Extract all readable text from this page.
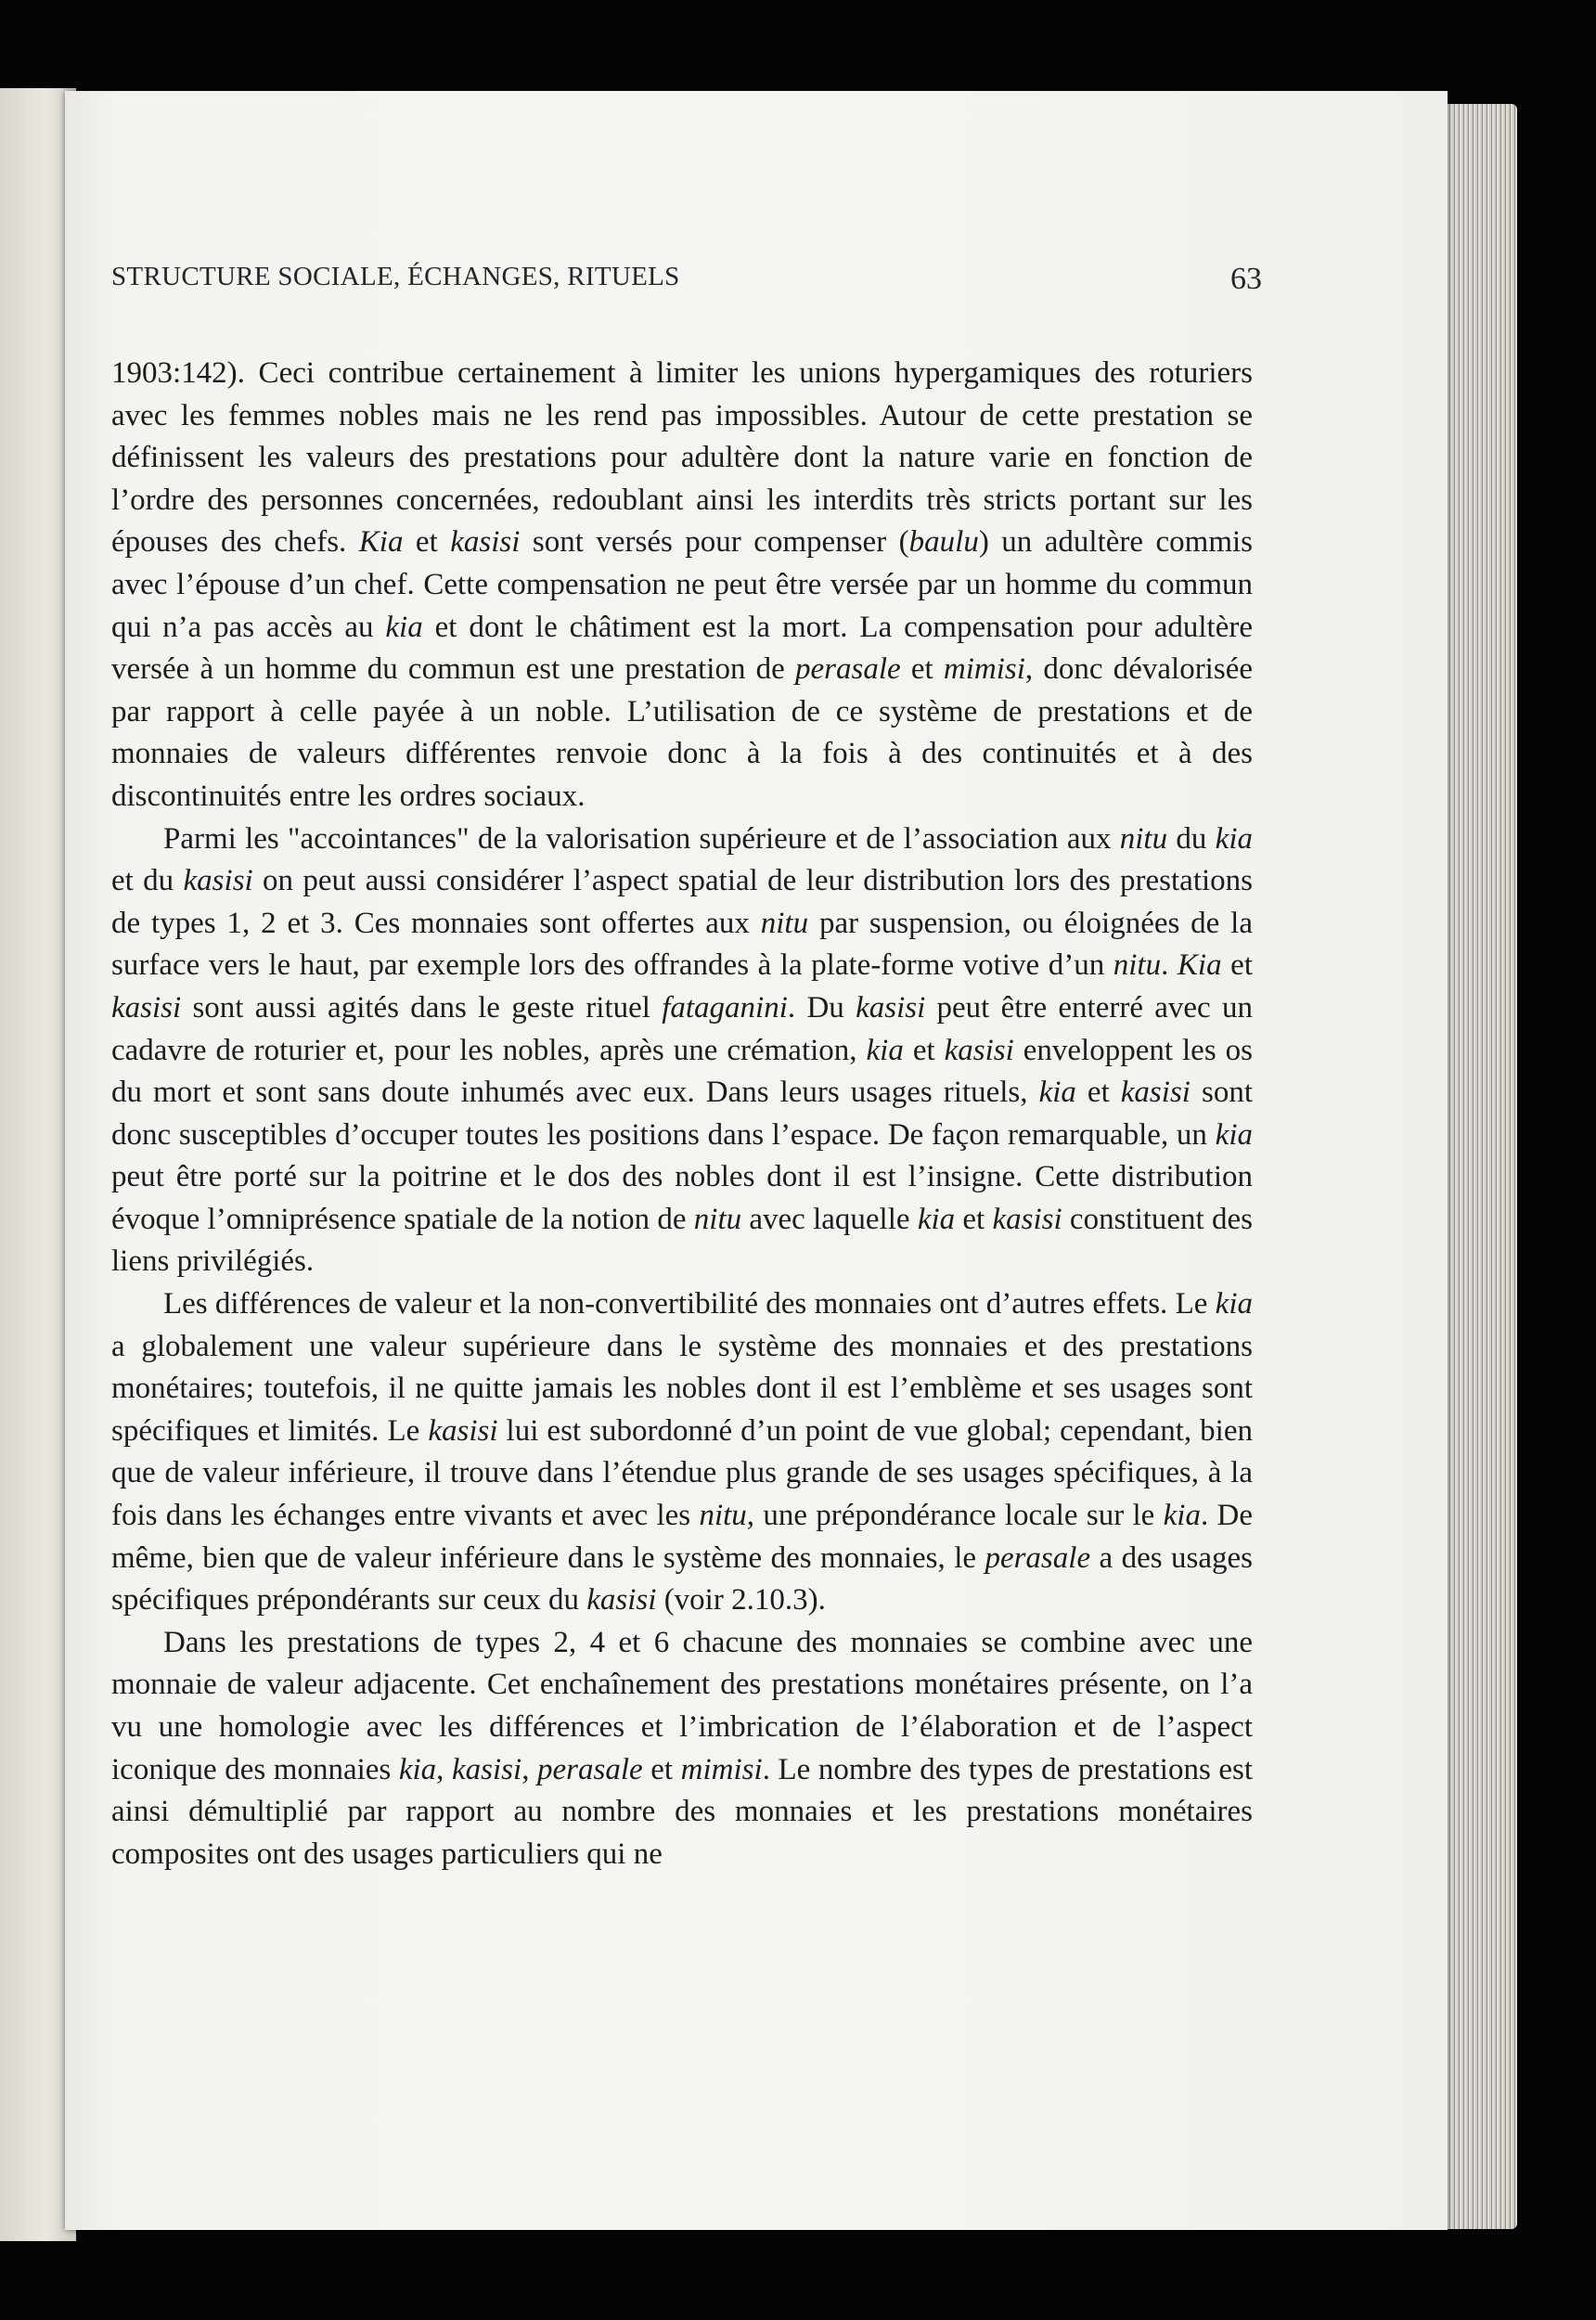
STRUCTURE SOCIALE, ÉCHANGES, RITUELS	63

1903:142). Ceci contribue certainement à limiter les unions hypergamiques des roturiers avec les femmes nobles mais ne les rend pas impossibles. Autour de cette prestation se définissent les valeurs des prestations pour adultère dont la nature varie en fonction de l’ordre des personnes concernées, redoublant ainsi les interdits très stricts portant sur les épouses des chefs. Kia et kasisi sont versés pour compenser (baulu) un adultère commis avec l’épouse d’un chef. Cette compensation ne peut être versée par un homme du commun qui n’a pas accès au kia et dont le châtiment est la mort. La compensation pour adultère versée à un homme du commun est une prestation de perasale et mimisi, donc dévalorisée par rapport à celle payée à un noble. L’utilisation de ce système de prestations et de monnaies de valeurs différentes renvoie donc à la fois à des continuités et à des discontinuités entre les ordres sociaux.

Parmi les "accointances" de la valorisation supérieure et de l’association aux nitu du kia et du kasisi on peut aussi considérer l’aspect spatial de leur distribution lors des prestations de types 1, 2 et 3. Ces monnaies sont offertes aux nitu par suspension, ou éloignées de la surface vers le haut, par exemple lors des offrandes à la plate-forme votive d’un nitu. Kia et kasisi sont aussi agités dans le geste rituel fataganini. Du kasisi peut être enterré avec un cadavre de roturier et, pour les nobles, après une crémation, kia et kasisi enveloppent les os du mort et sont sans doute inhumés avec eux. Dans leurs usages rituels, kia et kasisi sont donc susceptibles d’occuper toutes les positions dans l’espace. De façon remarquable, un kia peut être porté sur la poitrine et le dos des nobles dont il est l’insigne. Cette distribution évoque l’omniprésence spatiale de la notion de nitu avec laquelle kia et kasisi constituent des liens privilégiés.

Les différences de valeur et la non-convertibilité des monnaies ont d’autres effets. Le kia a globalement une valeur supérieure dans le système des monnaies et des prestations monétaires; toutefois, il ne quitte jamais les nobles dont il est l’emblème et ses usages sont spécifiques et limités. Le kasisi lui est subordonné d’un point de vue global; cependant, bien que de valeur inférieure, il trouve dans l’étendue plus grande de ses usages spécifiques, à la fois dans les échanges entre vivants et avec les nitu, une prépondérance locale sur le kia. De même, bien que de valeur inférieure dans le système des monnaies, le perasale a des usages spécifiques prépondérants sur ceux du kasisi (voir 2.10.3).

Dans les prestations de types 2, 4 et 6 chacune des monnaies se combine avec une monnaie de valeur adjacente. Cet enchaînement des prestations monétaires présente, on l’a vu une homologie avec les différences et l’imbrication de l’élaboration et de l’aspect iconique des monnaies kia, kasisi, perasale et mimisi. Le nombre des types de prestations est ainsi démultiplié par rapport au nombre des monnaies et les prestations monétaires composites ont des usages particuliers qui ne
